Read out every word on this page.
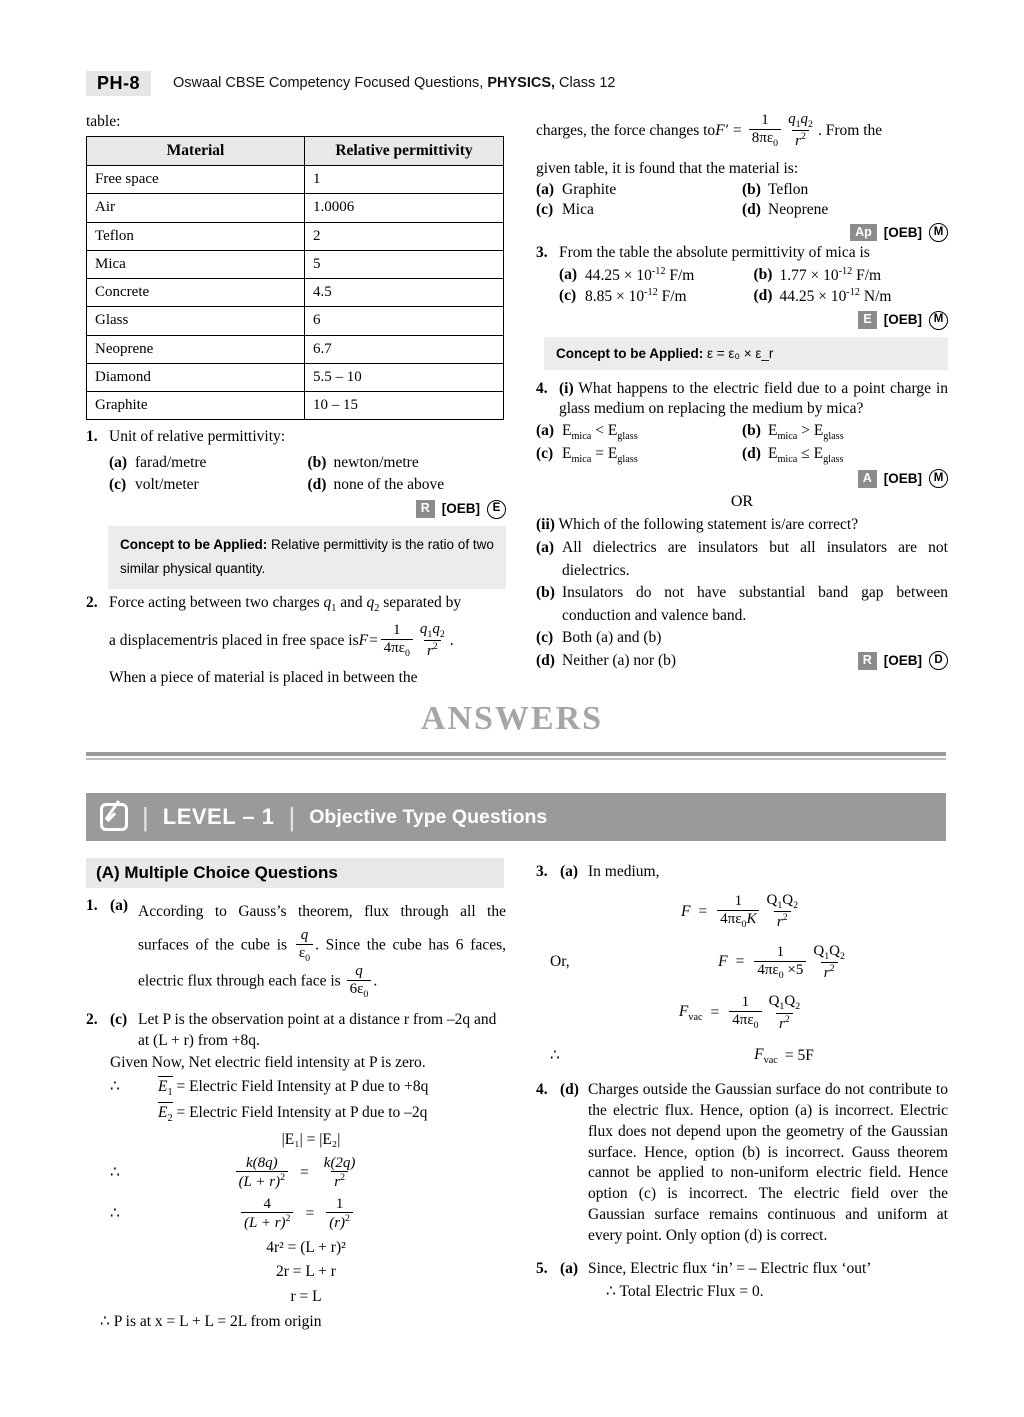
PH-8	Oswaal CBSE Competency Focused Questions, PHYSICS, Class 12

table:

Material	Relative permittivity
Free space	1
Air	1.0006
Teflon	2
Mica	5
Concrete	4.5
Glass	6
Neoprene	6.7
Diamond	5.5 – 10
Graphite	10 – 15
1. Unit of relative permittivity:
(a) farad/metre	(b) newton/metre
(c) volt/meter	(d) none of the above
R [OEB]	E
Concept to be Applied: Relative permittivity is the ratio of two similar physical quantity.
2. Force acting between two charges $q_1$ and $q_2$ separated by
a displacement r is placed in free space is $F= \frac{1}{4\pi\varepsilon_0} \frac{q_1q_2}{r^2}$ .
When a piece of material is placed in between the
charges, the force changes to $F' = \frac{1}{8\pi\varepsilon_0} \frac{q_1q_2}{r^2}$ . From the
given table, it is found that the material is:
(a) Graphite	(b) Teflon
(c) Mica	(d) Neoprene
Ap [OEB]	M
3. From the table the absolute permittivity of mica is
(a) $44.25 \times 10^{-12}$ F/m	(b) $1.77 \times 10^{-12}$ F/m
(c) $8.85 \times 10^{-12}$ F/m	(d) $44.25 \times 10^{-12}$ N/m
E [OEB]	M
Concept to be Applied: ε = ε₀ × ε_r
4. (i) What happens to the electric field due to a point charge in glass medium on replacing the medium by mica?
(a) $E_{mica} < E_{glass}$	(b) $E_{mica} > E_{glass}$
(c) $E_{mica} = E_{glass}$	(d) $E_{mica} \le E_{glass}$
A [OEB]	M
OR
(ii) Which of the following statement is/are correct?
(a) All dielectrics are insulators but all insulators are not dielectrics.
(b) Insulators do not have substantial band gap between conduction and valence band.
(c) Both (a) and (b)
(d) Neither (a) nor (b)	R [OEB]	D
ANSWERS
| LEVEL – 1 | Objective Type Questions
(A) Multiple Choice Questions
1. (a) According to Gauss’s theorem, flux through all the surfaces of the cube is $\frac{q}{\varepsilon_0}$ . Since the cube has 6 faces, electric flux through each face is $\frac{q}{6\varepsilon_0}$ .
2. (c) Let P is the observation point at a distance r from –2q and at (L + r) from +8q.
Given Now, Net electric field intensity at P is zero.
∴	$E_1$ = Electric Field Intensity at P due to +8q
$E_2$ = Electric Field Intensity at P due to –2q
|E₁| = |E₂|
∴	$\frac{k(8q)}{(L + r)^2} = \frac{k(2q)}{r^2}$
∴	$\frac{4}{(L + r)^2} = \frac{1}{(r)^2}$
4r² = (L + r)²
2r = L + r
r = L
∴ P is at x = L + L = 2L from origin
3. (a) In medium,
$F = \frac{1}{4\pi\varepsilon_0K} \frac{Q_1Q_2}{r^2}$
Or,	$F = \frac{1}{4\pi\varepsilon_0 \times 5} \frac{Q_1Q_2}{r^2}$
$F_{vac} = \frac{1}{4\pi\varepsilon_0} \frac{Q_1Q_2}{r^2}$
∴	$F_{vac} = 5F$
4. (d) Charges outside the Gaussian surface do not contribute to the electric flux. Hence, option (a) is incorrect. Electric flux does not depend upon the geometry of the Gaussian surface. Hence, option (b) is incorrect. Gauss theorem cannot be applied to non-uniform electric field. Hence option (c) is incorrect. The electric field over the Gaussian surface remains continuous and uniform at every point. Only option (d) is correct.
5. (a) Since, Electric flux ‘in’ = – Electric flux ‘out’
∴ Total Electric Flux = 0.
